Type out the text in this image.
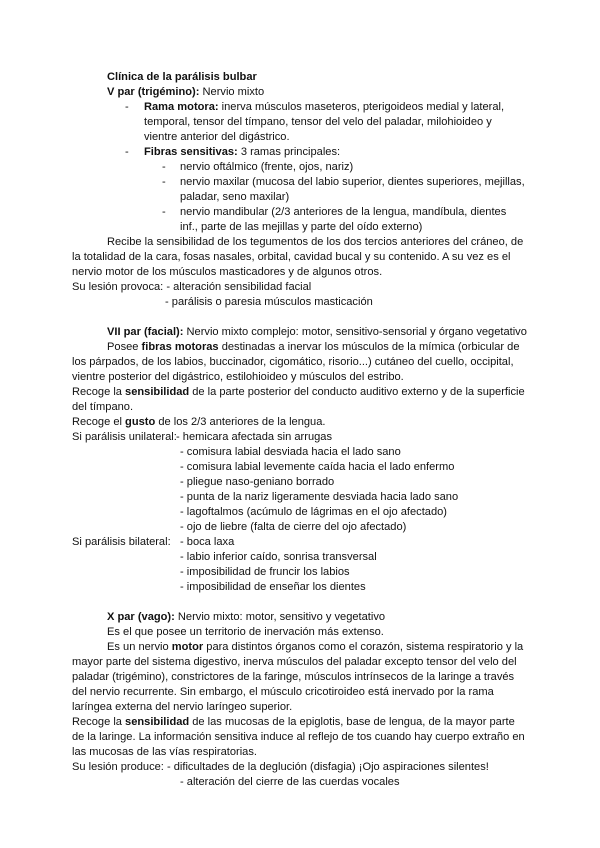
Clínica de la parálisis bulbar
V par (trigémino): Nervio mixto
- Rama motora: inerva músculos maseteros, pterigoideos medial y lateral,
temporal, tensor del tímpano, tensor del velo del paladar, milohioideo y
vientre anterior del digástrico.
- Fibras sensitivas: 3 ramas principales:
- nervio oftálmico (frente, ojos, nariz)
- nervio maxilar (mucosa del labio superior, dientes superiores, mejillas,
paladar, seno maxilar)
- nervio mandibular (2/3 anteriores de la lengua, mandíbula, dientes
inf., parte de las mejillas y parte del oído externo)
Recibe la sensibilidad de los tegumentos de los dos tercios anteriores del cráneo, de
la totalidad de la cara, fosas nasales, orbital, cavidad bucal y su contenido. A su vez es el
nervio motor de los músculos masticadores y de algunos otros.
Su lesión provoca: - alteración sensibilidad facial
- parálisis o paresia músculos masticación
VII par (facial): Nervio mixto complejo: motor, sensitivo-sensorial y órgano vegetativo
Posee fibras motoras destinadas a inervar los músculos de la mímica (orbicular de
los párpados, de los labios, buccinador, cigomático, risorio...) cutáneo del cuello, occipital,
vientre posterior del digástrico, estilohioideo y músculos del estribo.
Recoge la sensibilidad de la parte posterior del conducto auditivo externo y de la superficie
del tímpano.
Recoge el gusto de los 2/3 anteriores de la lengua.
Si parálisis unilateral: - hemicara afectada sin arrugas
- comisura labial desviada hacia el lado sano
- comisura labial levemente caída hacia el lado enfermo
- pliegue naso-geniano borrado
- punta de la nariz ligeramente desviada hacia lado sano
- lagoftalmos (acúmulo de lágrimas en el ojo afectado)
- ojo de liebre (falta de cierre del ojo afectado)
Si parálisis bilateral: - boca laxa
- labio inferior caído, sonrisa transversal
- imposibilidad de fruncir los labios
- imposibilidad de enseñar los dientes
X par (vago): Nervio mixto: motor, sensitivo y vegetativo
Es el que posee un territorio de inervación más extenso.
Es un nervio motor para distintos órganos como el corazón, sistema respiratorio y la
mayor parte del sistema digestivo, inerva músculos del paladar excepto tensor del velo del
paladar (trigémino), constrictores de la faringe, músculos intrínsecos de la laringe a través
del nervio recurrente. Sin embargo, el músculo cricotiroideo está inervado por la rama
laríngea externa del nervio laríngeo superior.
Recoge la sensibilidad de las mucosas de la epiglotis, base de lengua, de la mayor parte
de la laringe. La información sensitiva induce al reflejo de tos cuando hay cuerpo extraño en
las mucosas de las vías respiratorias.
Su lesión produce: - dificultades de la deglución (disfagia) ¡Ojo aspiraciones silentes!
- alteración del cierre de las cuerdas vocales
